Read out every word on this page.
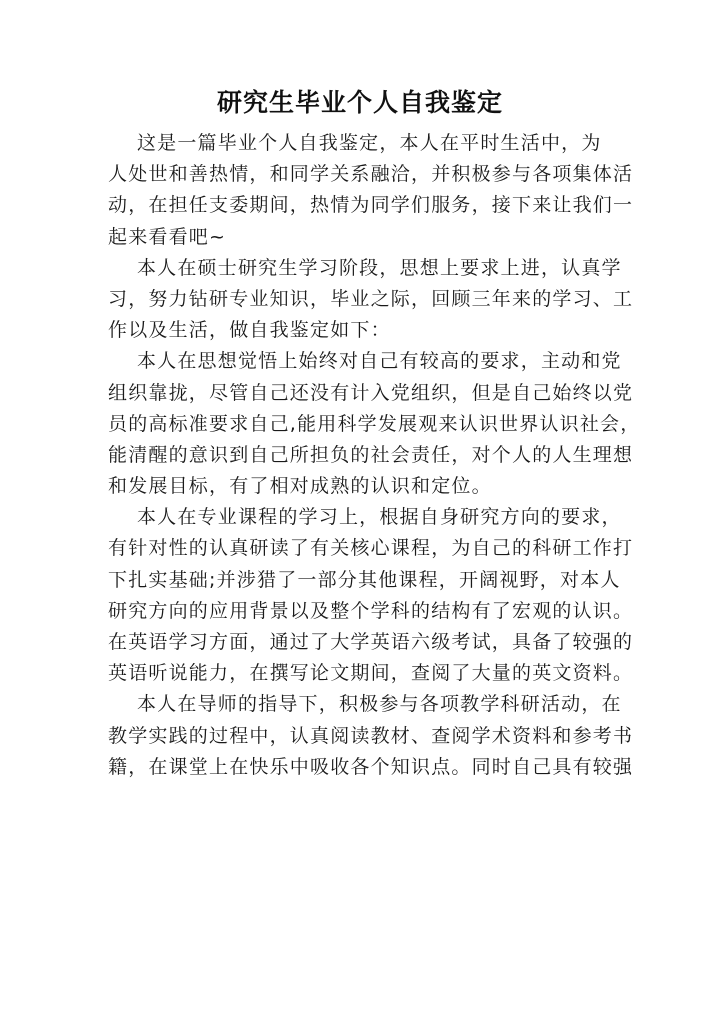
研究生毕业个人自我鉴定
这是一篇毕业个人自我鉴定，本人在平时生活中，为
人处世和善热情，和同学关系融洽，并积极参与各项集体活
动，在担任支委期间，热情为同学们服务，接下来让我们一
起来看看吧~
本人在硕士研究生学习阶段，思想上要求上进，认真学
习，努力钻研专业知识，毕业之际，回顾三年来的学习、工
作以及生活，做自我鉴定如下：
本人在思想觉悟上始终对自己有较高的要求，主动和党
组织靠拢，尽管自己还没有计入党组织，但是自己始终以党
员的高标准要求自己,能用科学发展观来认识世界认识社会，
能清醒的意识到自己所担负的社会责任，对个人的人生理想
和发展目标，有了相对成熟的认识和定位。
本人在专业课程的学习上，根据自身研究方向的要求，
有针对性的认真研读了有关核心课程，为自己的科研工作打
下扎实基础;并涉猎了一部分其他课程，开阔视野，对本人
研究方向的应用背景以及整个学科的结构有了宏观的认识。
在英语学习方面，通过了大学英语六级考试，具备了较强的
英语听说能力，在撰写论文期间，查阅了大量的英文资料。
本人在导师的指导下，积极参与各项教学科研活动，在
教学实践的过程中，认真阅读教材、查阅学术资料和参考书
籍，在课堂上在快乐中吸收各个知识点。同时自己具有较强
